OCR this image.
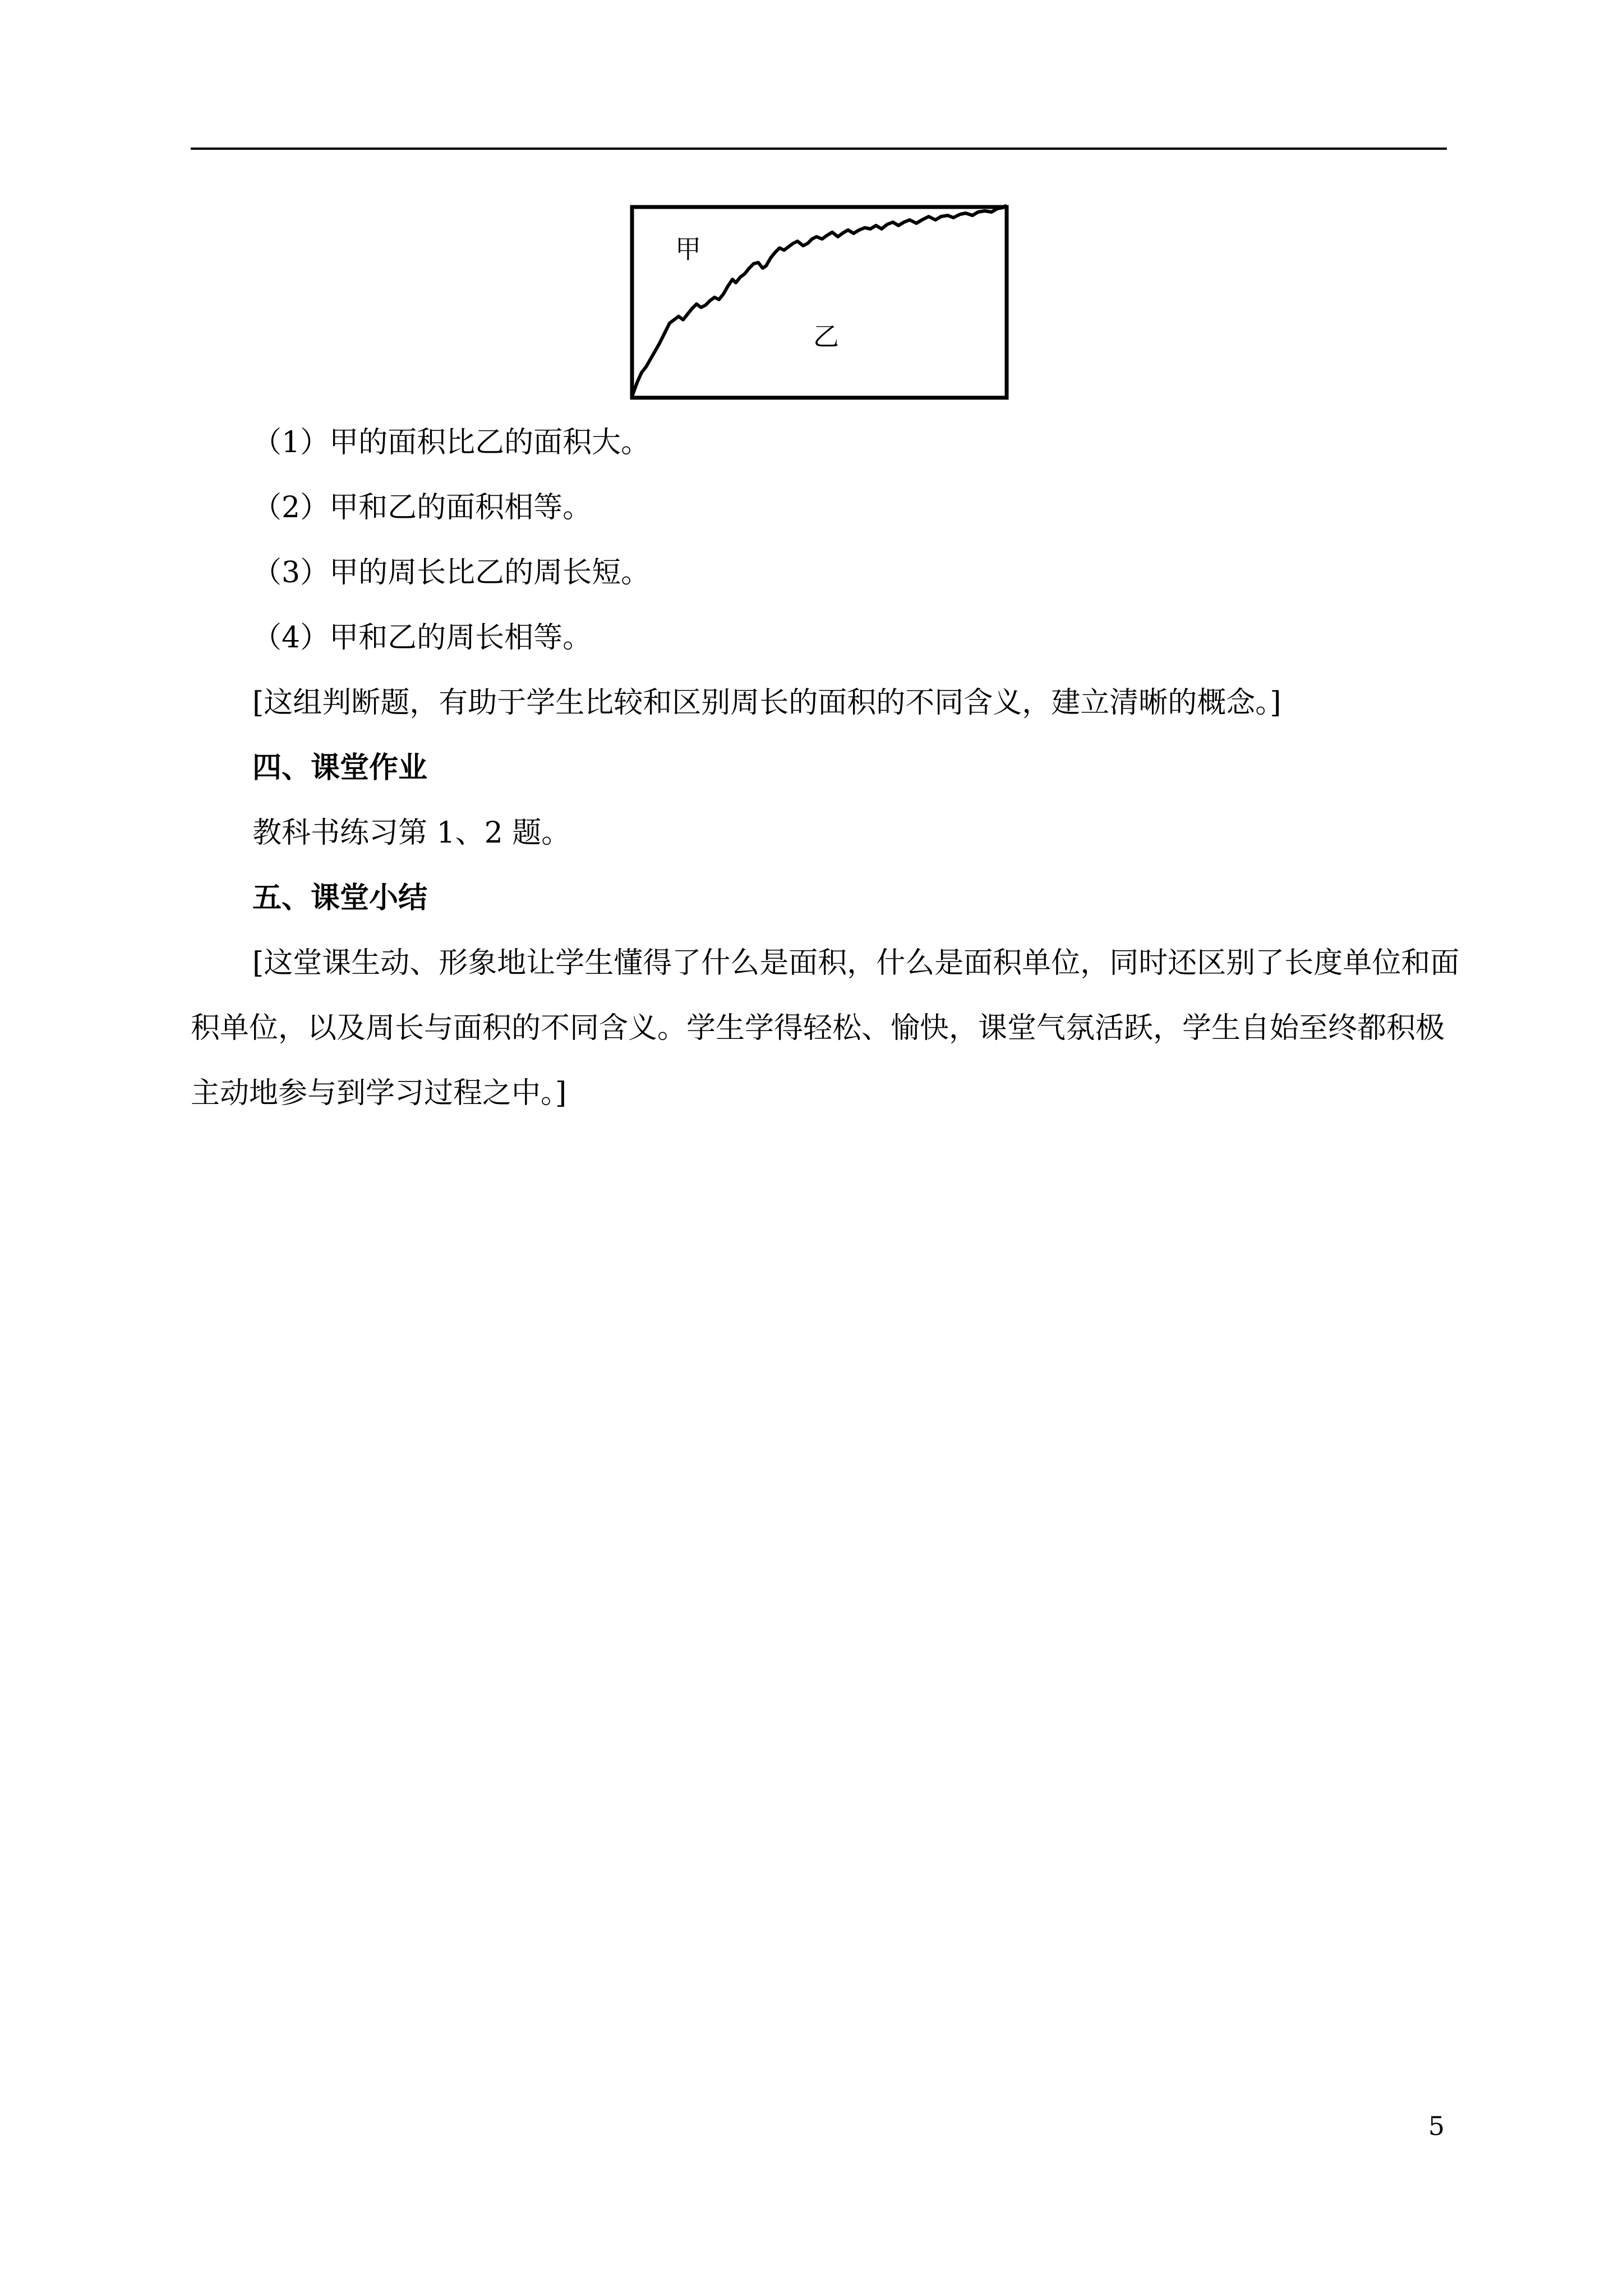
甲
乙
（1）甲的面积比乙的面积大。
（2）甲和乙的面积相等。
（3）甲的周长比乙的周长短。
（4）甲和乙的周长相等。
[这组判断题，有助于学生比较和区别周长的面积的不同含义，建立清晰的概念。]
四、课堂作业
教科书练习第 1、2 题。
五、课堂小结
[这堂课生动、形象地让学生懂得了什么是面积，什么是面积单位，同时还区别了长度单位和面
积单位，以及周长与面积的不同含义。学生学得轻松、愉快，课堂气氛活跃，学生自始至终都积极
主动地参与到学习过程之中。]
5
